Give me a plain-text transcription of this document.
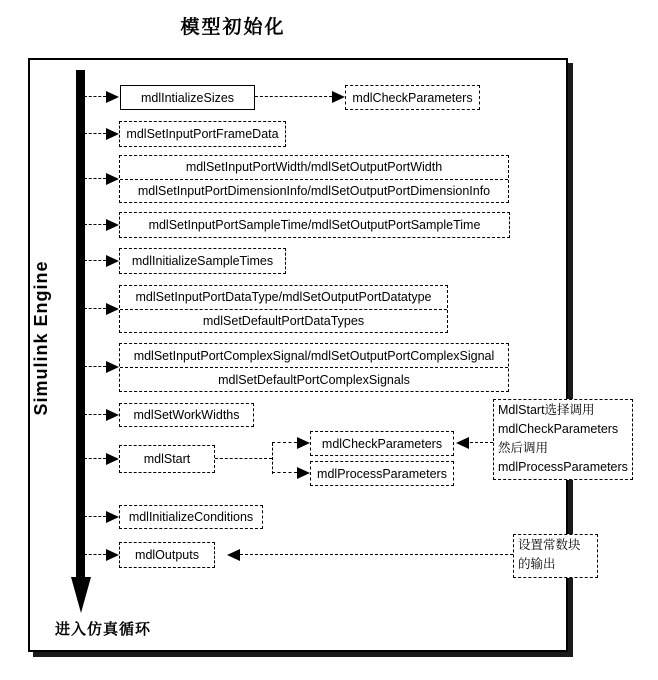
模型初始化
Simulink Engine
mdlIntializeSizes	mdlCheckParameters
mdlSetInputPortFrameData
mdlSetInputPortWidth/mdlSetOutputPortWidth
mdlSetInputPortDimensionInfo/mdlSetOutputPortDimensionInfo
mdlSetInputPortSampleTime/mdlSetOutputPortSampleTime
mdlInitializeSampleTimes
mdlSetInputPortDataType/mdlSetOutputPortDatatype
mdlSetDefaultPortDataTypes
mdlSetInputPortComplexSignal/mdlSetOutputPortComplexSignal
mdlSetDefaultPortComplexSignals
mdlSetWorkWidths
mdlStart
mdlCheckParameters
mdlProcessParameters
mdlInitializeConditions
mdlOutputs
MdlStart选择调用
mdlCheckParameters
然后调用
mdlProcessParameters
设置常数块
的输出
进入仿真循环
